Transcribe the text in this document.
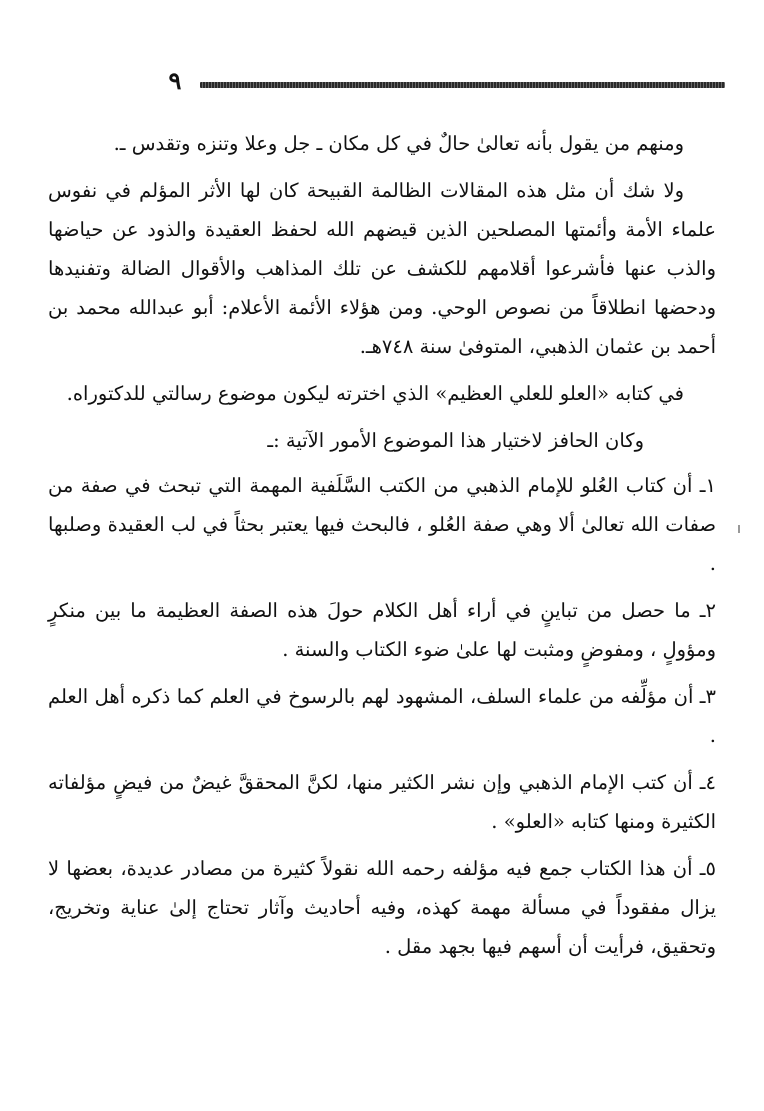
٩

ومنهم من يقول بأنه تعالىٰ حالٌ في كل مكان ـ جل وعلا وتنزه وتقدس ـ.

ولا شك أن مثل هذه المقالات الظالمة القبيحة كان لها الأثر المؤلم في نفوس علماء الأمة وأئمتها المصلحين الذين قيضهم الله لحفظ العقيدة والذود عن حياضها والذب عنها فأشرعوا أقلامهم للكشف عن تلك المذاهب والأقوال الضالة وتفنيدها ودحضها انطلاقاً من نصوص الوحي. ومن هؤلاء الأئمة الأعلام: أبو عبدالله محمد بن أحمد بن عثمان الذهبي، المتوفىٰ سنة ٧٤٨هـ.

في كتابه «العلو للعلي العظيم» الذي اخترته ليكون موضوع رسالتي للدكتوراه.

وكان الحافز لاختيار هذا الموضوع الأمور الآتية :ـ

١ـ أن كتاب العُلو للإمام الذهبي من الكتب السَّلَفية المهمة التي تبحث في صفة من صفات الله تعالىٰ ألا وهي صفة العُلو ، فالبحث فيها يعتبر بحثاً في لب العقيدة وصلبها .

٢ـ ما حصل من تباينٍ في أراء أهل الكلام حولَ هذه الصفة العظيمة ما بين منكرٍ ومؤولٍ ، ومفوضٍ ومثبت لها علىٰ ضوء الكتاب والسنة .

٣ـ أن مؤلِّفه من علماء السلف، المشهود لهم بالرسوخ في العلم كما ذكره أهل العلم .

٤ـ أن كتب الإمام الذهبي وإن نشر الكثير منها، لكنَّ المحققَّ غيضٌ من فيضٍ مؤلفاته الكثيرة ومنها كتابه «العلو» .

٥ـ أن هذا الكتاب جمع فيه مؤلفه رحمه الله نقولاً كثيرة من مصادر عديدة، بعضها لا يزال مفقوداً في مسألة مهمة كهذه، وفيه أحاديث وآثار تحتاج إلىٰ عناية وتخريج، وتحقيق، فرأيت أن أسهم فيها بجهد مقل .
